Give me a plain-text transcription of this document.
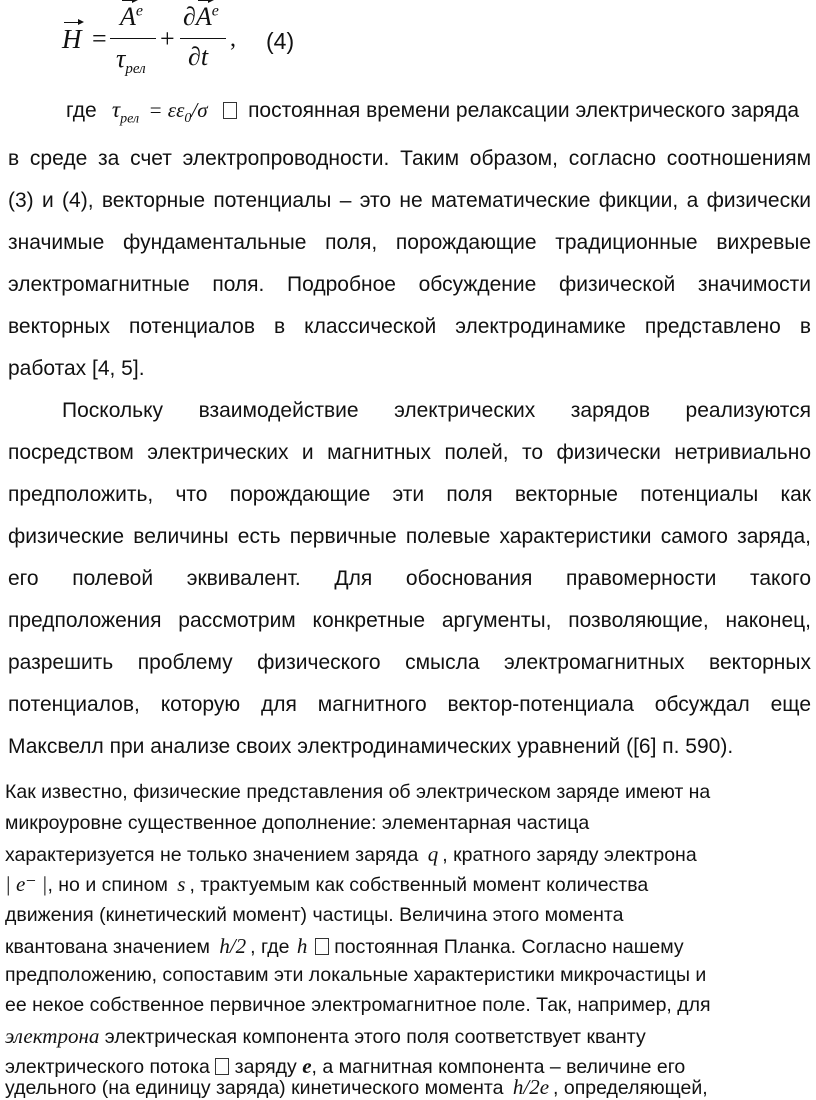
H =
$A^e$
$\tau_{рел}$
+
$\partial A^e$
∂t
, (4)
где $\tau_{рел} = \varepsilon\varepsilon_0/\sigma$ постоянная времени релаксации электрического заряда
в среде за счет электропроводности. Таким образом, согласно соотношениям
(3) и (4), векторные потенциалы – это не математические фикции, а физически
значимые фундаментальные поля, порождающие традиционные вихревые
электромагнитные поля. Подробное обсуждение физической значимости
векторных потенциалов в классической электродинамике представлено в
работах [4, 5].
Поскольку взаимодействие электрических зарядов реализуются
посредством электрических и магнитных полей, то физически нетривиально
предположить, что порождающие эти поля векторные потенциалы как
физические величины есть первичные полевые характеристики самого заряда,
его полевой эквивалент. Для обоснования правомерности такого
предположения рассмотрим конкретные аргументы, позволяющие, наконец,
разрешить проблему физического смысла электромагнитных векторных
потенциалов, которую для магнитного вектор-потенциала обсуждал еще
Максвелл при анализе своих электродинамических уравнений ([6] п. 590).
Как известно, физические представления об электрическом заряде имеют на
микроуровне существенное дополнение: элементарная частица
характеризуется не только значением заряда q , кратного заряду электрона
| e⁻ |, но и спином s , трактуемым как собственный момент количества
движения (кинетический момент) частицы. Величина этого момента
квантована значением h/2 , где h постоянная Планка. Согласно нашему
предположению, сопоставим эти локальные характеристики микрочастицы и
ее некое собственное первичное электромагнитное поле. Так, например, для
электрона электрическая компонента этого поля соответствует кванту
электрического потока заряду e, а магнитная компонента – величине его
удельного (на единицу заряда) кинетического момента h/2e , определяющей,
